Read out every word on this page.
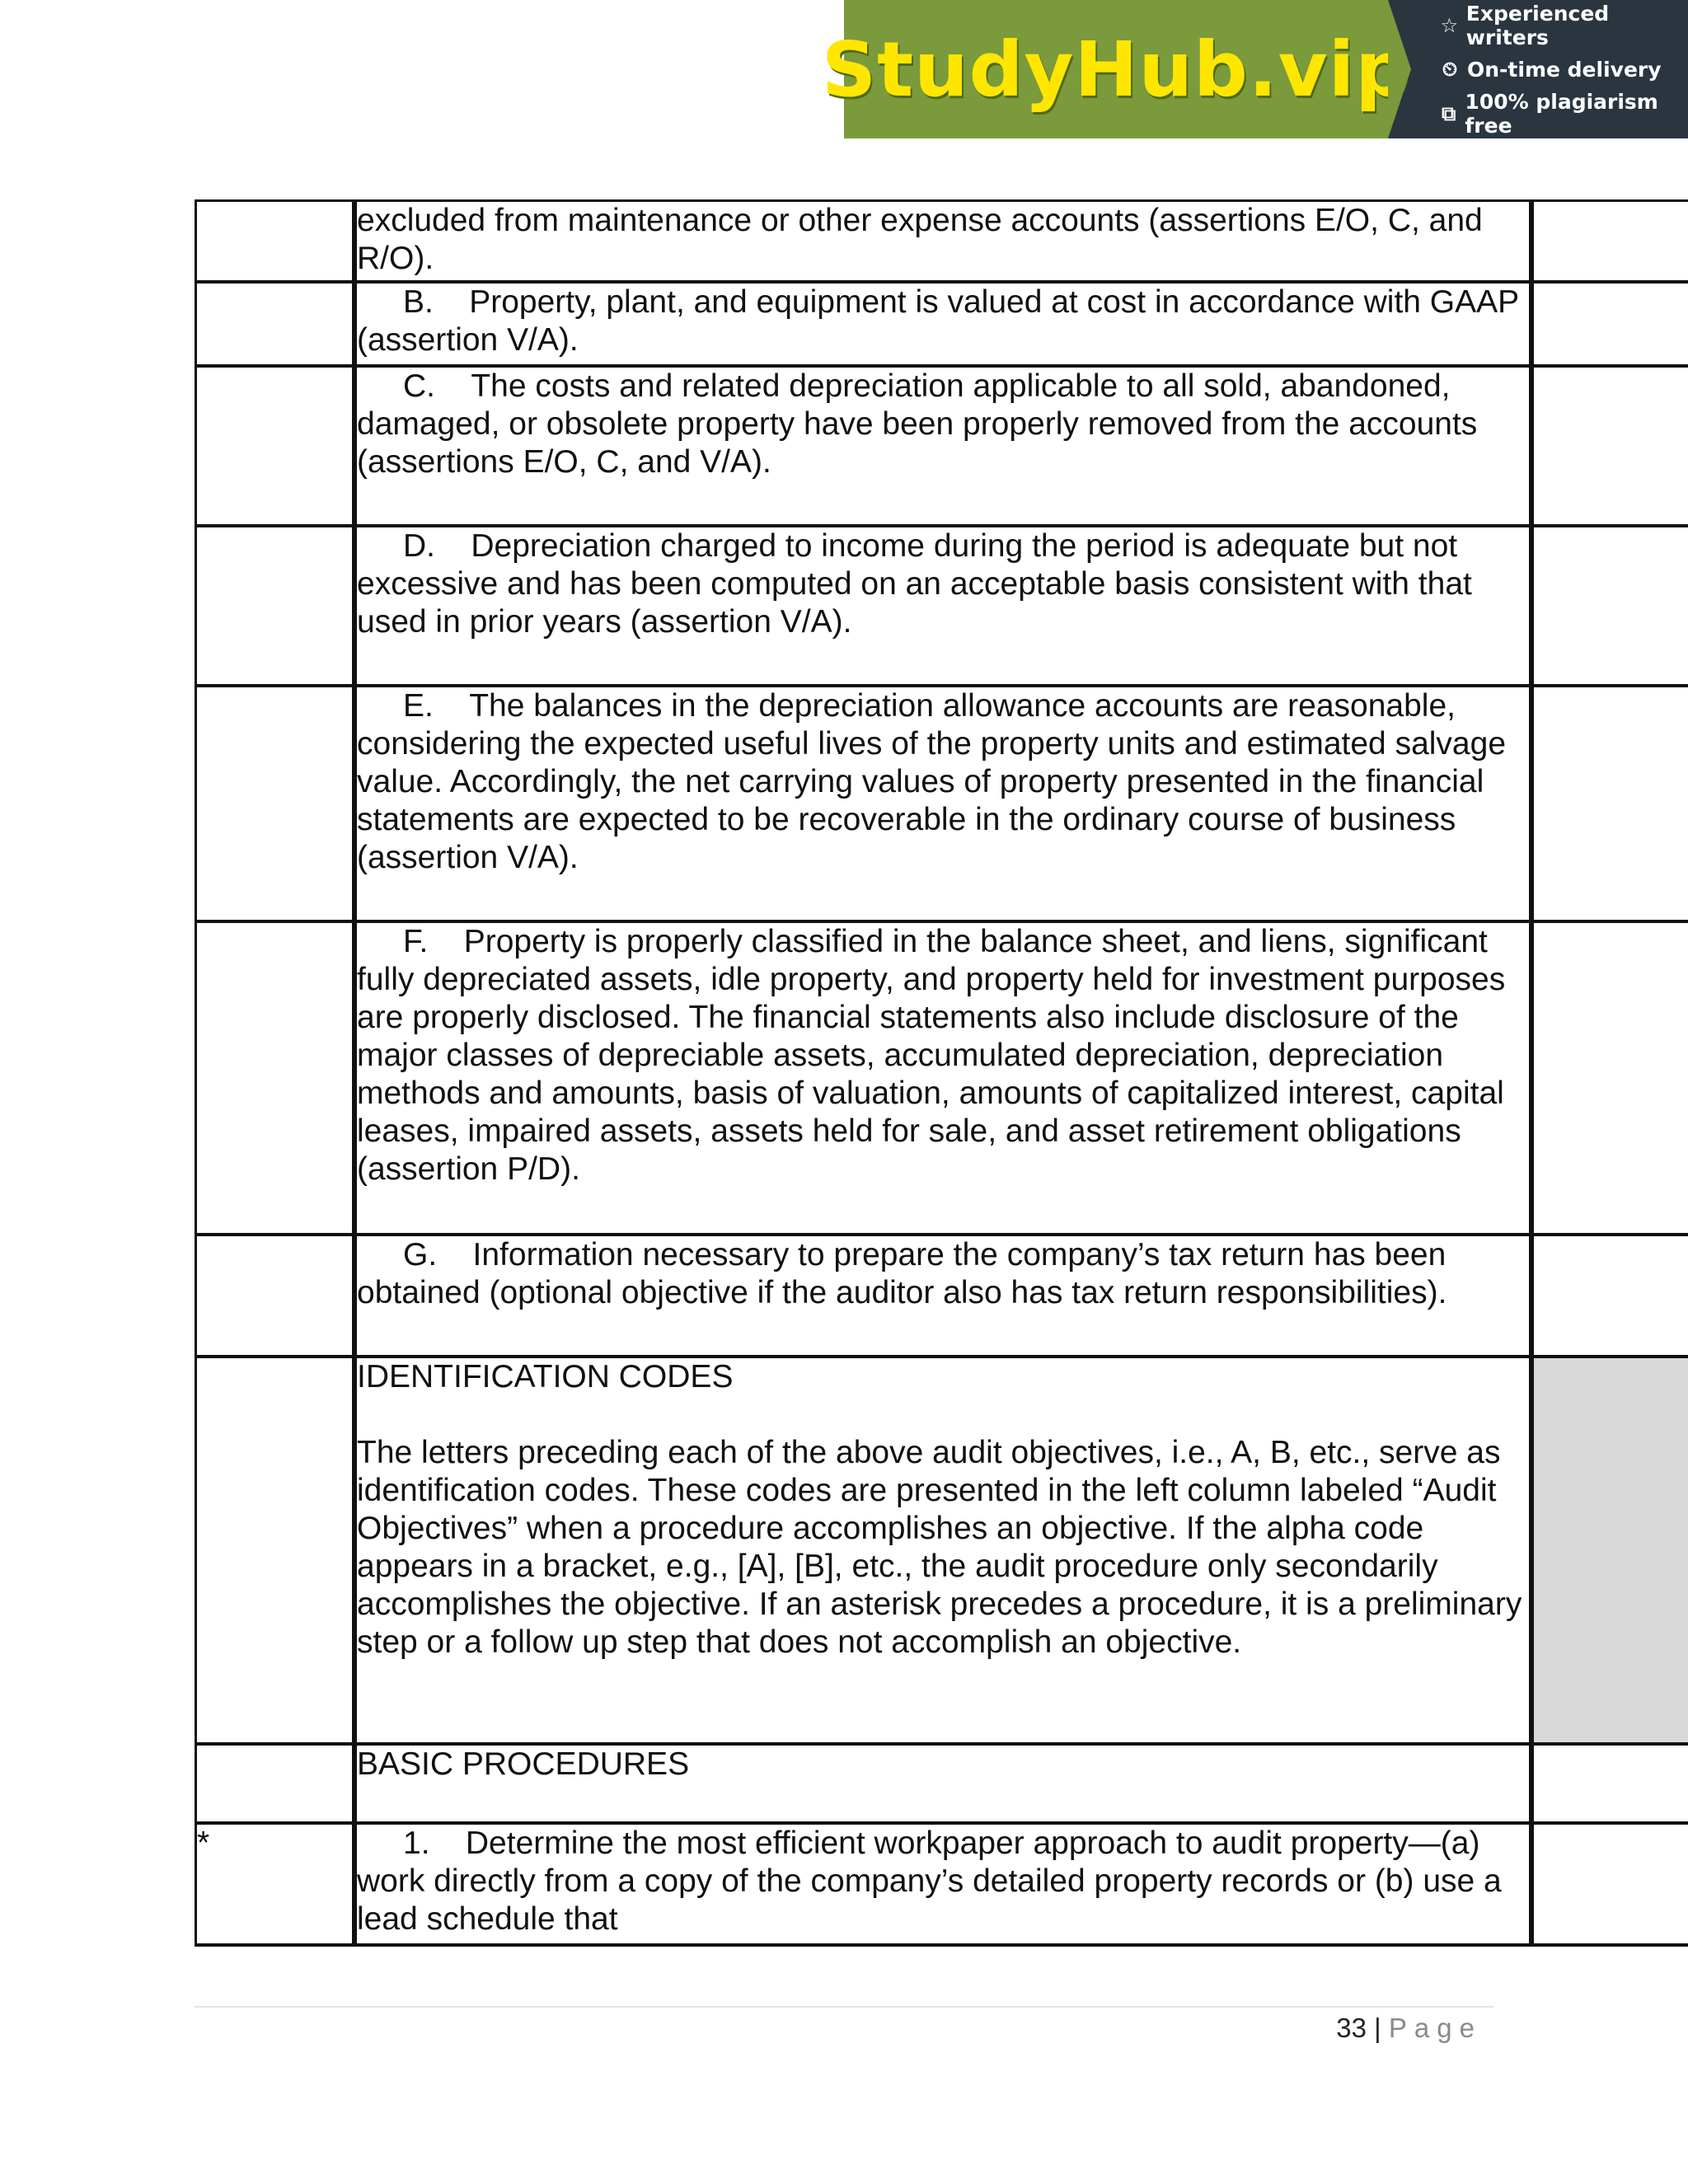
StudyHub.vip ☆ Experienced writers
⏲ On-time delivery
⧉ 100% plagiarism free
	excluded from maintenance or other expense accounts (assertions E/O, C, and R/O).		
	B. Property, plant, and equipment is valued at cost in accordance with GAAP (assertion V/A).		
	C. The costs and related depreciation applicable to all sold, abandoned, damaged, or obsolete property have been properly removed from the accounts (assertions E/O, C, and V/A).		
	D. Depreciation charged to income during the period is adequate but not excessive and has been computed on an acceptable basis consistent with that used in prior years (assertion V/A).		
	E. The balances in the depreciation allowance accounts are reasonable, considering the expected useful lives of the property units and estimated salvage value. Accordingly, the net carrying values of property presented in the financial statements are expected to be recoverable in the ordinary course of business (assertion V/A).		
	F. Property is properly classified in the balance sheet, and liens, significant fully depreciated assets, idle property, and property held for investment purposes are properly disclosed. The financial statements also include disclosure of the major classes of depreciable assets, accumulated depreciation, depreciation methods and amounts, basis of valuation, amounts of capitalized interest, capital leases, impaired assets, assets held for sale, and asset retirement obligations (assertion P/D).		
	G. Information necessary to prepare the company’s tax return has been obtained (optional objective if the auditor also has tax return responsibilities).		

	IDENTIFICATION CODES
The letters preceding each of the above audit objectives, i.e., A, B, etc., serve as identification codes. These codes are presented in the left column labeled “Audit Objectives” when a procedure accomplishes an objective. If the alpha code appears in a bracket, e.g., [A], [B], etc., the audit procedure only secondarily accomplishes the objective. If an asterisk precedes a procedure, it is a preliminary step or a follow up step that does not accomplish an objective.		

	BASIC PROCEDURES		

*	1. Determine the most efficient workpaper approach to audit property—(a) work directly from a copy of the company’s detailed property records or (b) use a lead schedule that		
33 | Page
